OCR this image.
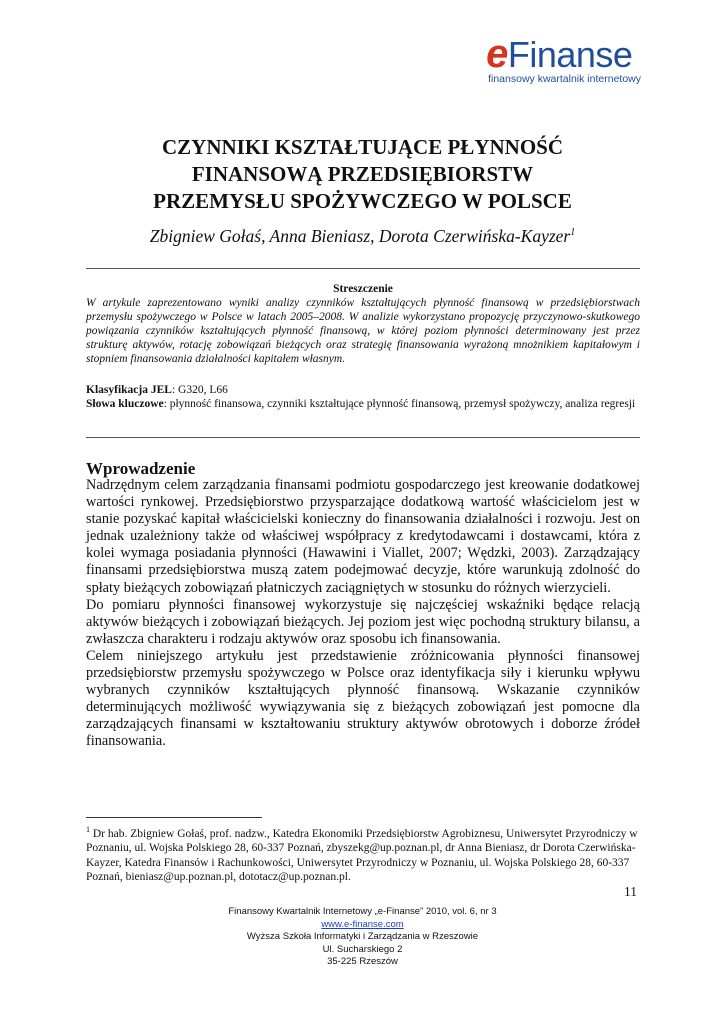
eFinanse
finansowy kwartalnik internetowy
CZYNNIKI KSZTAŁTUJĄCE PŁYNNOŚĆ
FINANSOWĄ PRZEDSIĘBIORSTW
PRZEMYSŁU SPOŻYWCZEGO W POLSCE

Zbigniew Gołaś, Anna Bieniasz, Dorota Czerwińska-Kayzer$^1$

Streszczenie

W artykule zaprezentowano wyniki analizy czynników kształtujących płynność finansową w przedsiębiorstwach przemysłu spożywczego w Polsce w latach 2005–2008. W analizie wykorzystano propozycję przyczynowo-skutkowego powiązania czynników kształtujących płynność finansową, w której poziom płynności determinowany jest przez strukturę aktywów, rotację zobowiązań bieżących oraz strategię finansowania wyrażoną mnożnikiem kapitałowym i stopniem finansowania działalności kapitałem własnym.

Klasyfikacja JEL: G320, L66
Słowa kluczowe: płynność finansowa, czynniki kształtujące płynność finansową, przemysł spożywczy, analiza regresji

Wprowadzenie

Nadrzędnym celem zarządzania finansami podmiotu gospodarczego jest kreowanie dodatkowej wartości rynkowej. Przedsiębiorstwo przysparzające dodatkową wartość właścicielom jest w stanie pozyskać kapitał właścicielski konieczny do finansowania działalności i rozwoju. Jest on jednak uzależniony także od właściwej współpracy z kredytodawcami i dostawcami, która z kolei wymaga posiadania płynności (Hawawini i Viallet, 2007; Wędzki, 2003). Zarządzający finansami przedsiębiorstwa muszą zatem podejmować decyzje, które warunkują zdolność do spłaty bieżących zobowiązań płatniczych zaciągniętych w stosunku do różnych wierzycieli.

Do pomiaru płynności finansowej wykorzystuje się najczęściej wskaźniki będące relacją aktywów bieżących i zobowiązań bieżących. Jej poziom jest więc pochodną struktury bilansu, a zwłaszcza charakteru i rodzaju aktywów oraz sposobu ich finansowania.

Celem niniejszego artykułu jest przedstawienie zróżnicowania płynności finansowej przedsiębiorstw przemysłu spożywczego w Polsce oraz identyfikacja siły i kierunku wpływu wybranych czynników kształtujących płynność finansową. Wskazanie czynników determinujących możliwość wywiązywania się z bieżących zobowiązań jest pomocne dla zarządzających finansami w kształtowaniu struktury aktywów obrotowych i doborze źródeł finansowania.

$^1$ Dr hab. Zbigniew Gołaś, prof. nadzw., Katedra Ekonomiki Przedsiębiorstw Agrobiznesu, Uniwersytet Przyrodniczy w Poznaniu, ul. Wojska Polskiego 28, 60-337 Poznań, zbyszekg@up.poznan.pl, dr Anna Bieniasz, dr Dorota Czerwińska-Kayzer, Katedra Finansów i Rachunkowości, Uniwersytet Przyrodniczy w Poznaniu, ul. Wojska Polskiego 28, 60-337 Poznań, bieniasz@up.poznan.pl, dototacz@up.poznan.pl.

11
Finansowy Kwartalnik Internetowy „e-Finanse” 2010, vol. 6, nr 3
www.e-finanse.com
Wyższa Szkoła Informatyki i Zarządzania w Rzeszowie
Ul. Sucharskiego 2
35-225 Rzeszów
